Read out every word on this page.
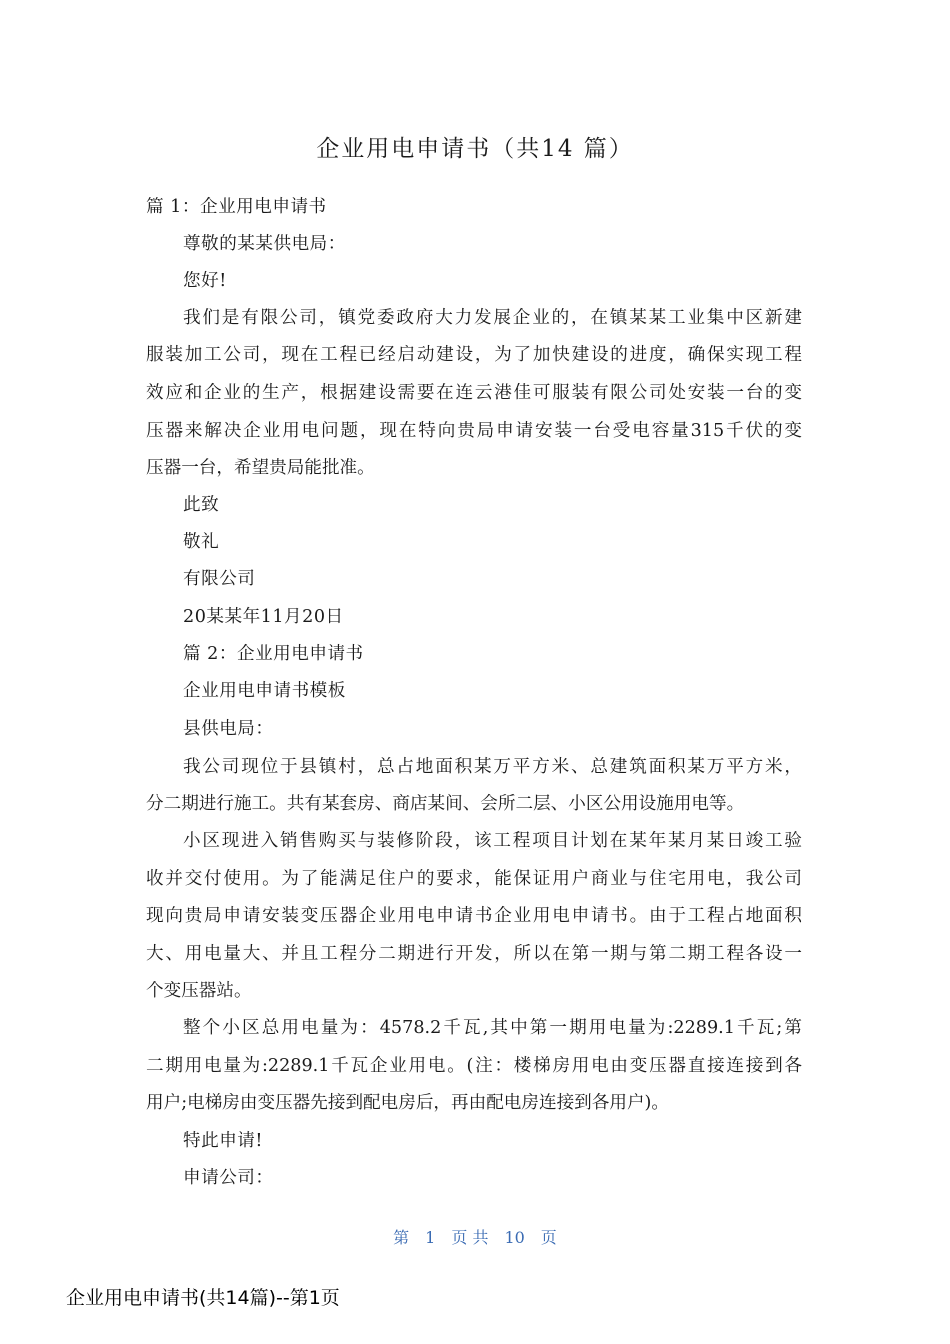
企业用电申请书（共14 篇）
篇 1：企业用电申请书
尊敬的某某供电局：
您好!
我们是有限公司，镇党委政府大力发展企业的，在镇某某工业集中区新建
服装加工公司，现在工程已经启动建设，为了加快建设的进度，确保实现工程
效应和企业的生产，根据建设需要在连云港佳可服装有限公司处安装一台的变
压器来解决企业用电问题，现在特向贵局申请安装一台受电容量315千伏的变
压器一台，希望贵局能批准。
此致
敬礼
有限公司
20某某年11月20日
篇 2：企业用电申请书
企业用电申请书模板
县供电局：
我公司现位于县镇村，总占地面积某万平方米、总建筑面积某万平方米，
分二期进行施工。共有某套房、商店某间、会所二层、小区公用设施用电等。
小区现进入销售购买与装修阶段，该工程项目计划在某年某月某日竣工验
收并交付使用。为了能满足住户的要求，能保证用户商业与住宅用电，我公司
现向贵局申请安装变压器企业用电申请书企业用电申请书。由于工程占地面积
大、用电量大、并且工程分二期进行开发，所以在第一期与第二期工程各设一
个变压器站。
整个小区总用电量为：4578.2千瓦,其中第一期用电量为:2289.1千瓦;第
二期用电量为:2289.1千瓦企业用电。(注：楼梯房用电由变压器直接连接到各
用户;电梯房由变压器先接到配电房后，再由配电房连接到各用户)。
特此申请!
申请公司：
第　1　页 共　10　页
企业用电申请书(共14篇)--第1页
